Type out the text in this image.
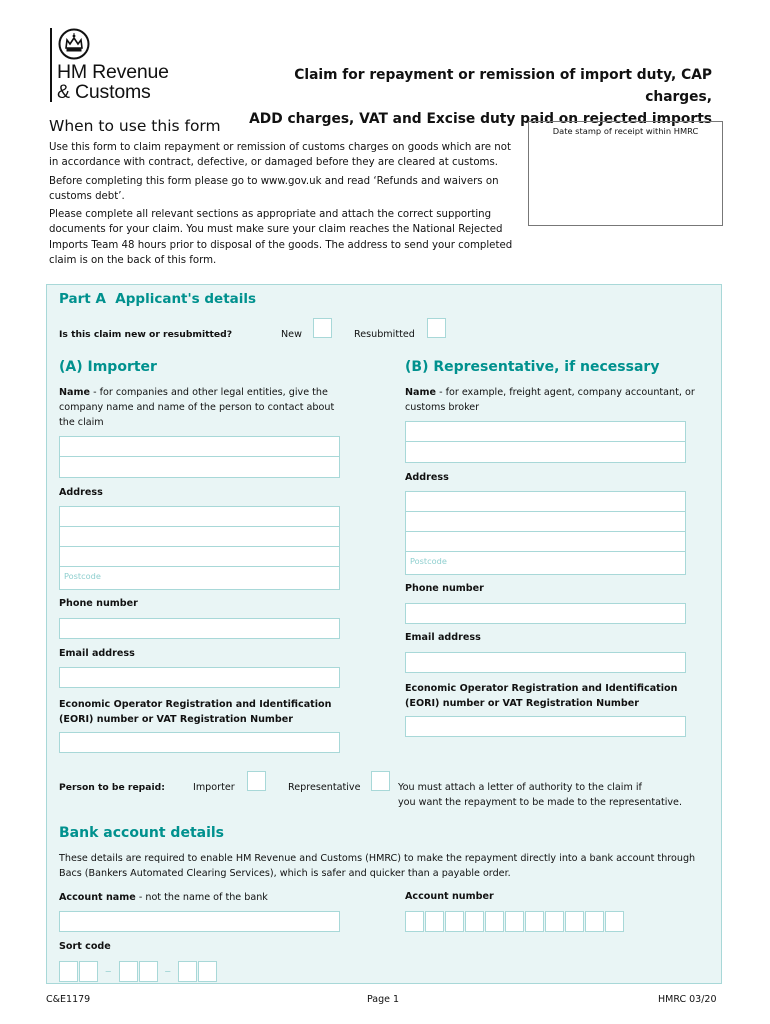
HM Revenue
& Customs
Claim for repayment or remission of import duty, CAP charges,
ADD charges, VAT and Excise duty paid on rejected imports
When to use this form

Use this form to claim repayment or remission of customs charges on goods which are not in accordance with contract, defective, or damaged before they are cleared at customs.

Before completing this form please go to www.gov.uk and read ‘Refunds and waivers on customs debt’.

Please complete all relevant sections as appropriate and attach the correct supporting documents for your claim. You must make sure your claim reaches the National Rejected Imports Team 48 hours prior to disposal of the goods. The address to send your completed claim is on the back of this form.

Date stamp of receipt within HMRC
Part A  Applicant's details
Is this claim new or resubmitted?	New	Resubmitted
(A) Importer
Name - for companies and other legal entities, give the company name and name of the person to contact about the claim
Address
Postcode
Phone number
Email address
Economic Operator Registration and Identification (EORI) number or VAT Registration Number
(B) Representative, if necessary
Name - for example, freight agent, company accountant, or customs broker
Address
Postcode
Phone number
Email address
Economic Operator Registration and Identification (EORI) number or VAT Registration Number
Person to be repaid:	Importer	Representative	You must attach a letter of authority to the claim if
you want the repayment to be made to the representative.
Bank account details
These details are required to enable HM Revenue and Customs (HMRC) to make the repayment directly into a bank account through Bacs (Bankers Automated Clearing Services), which is safer and quicker than a payable order.
Account name - not the name of the bank	Account number
Sort code
–	–
C&E1179	Page 1	HMRC 03/20
